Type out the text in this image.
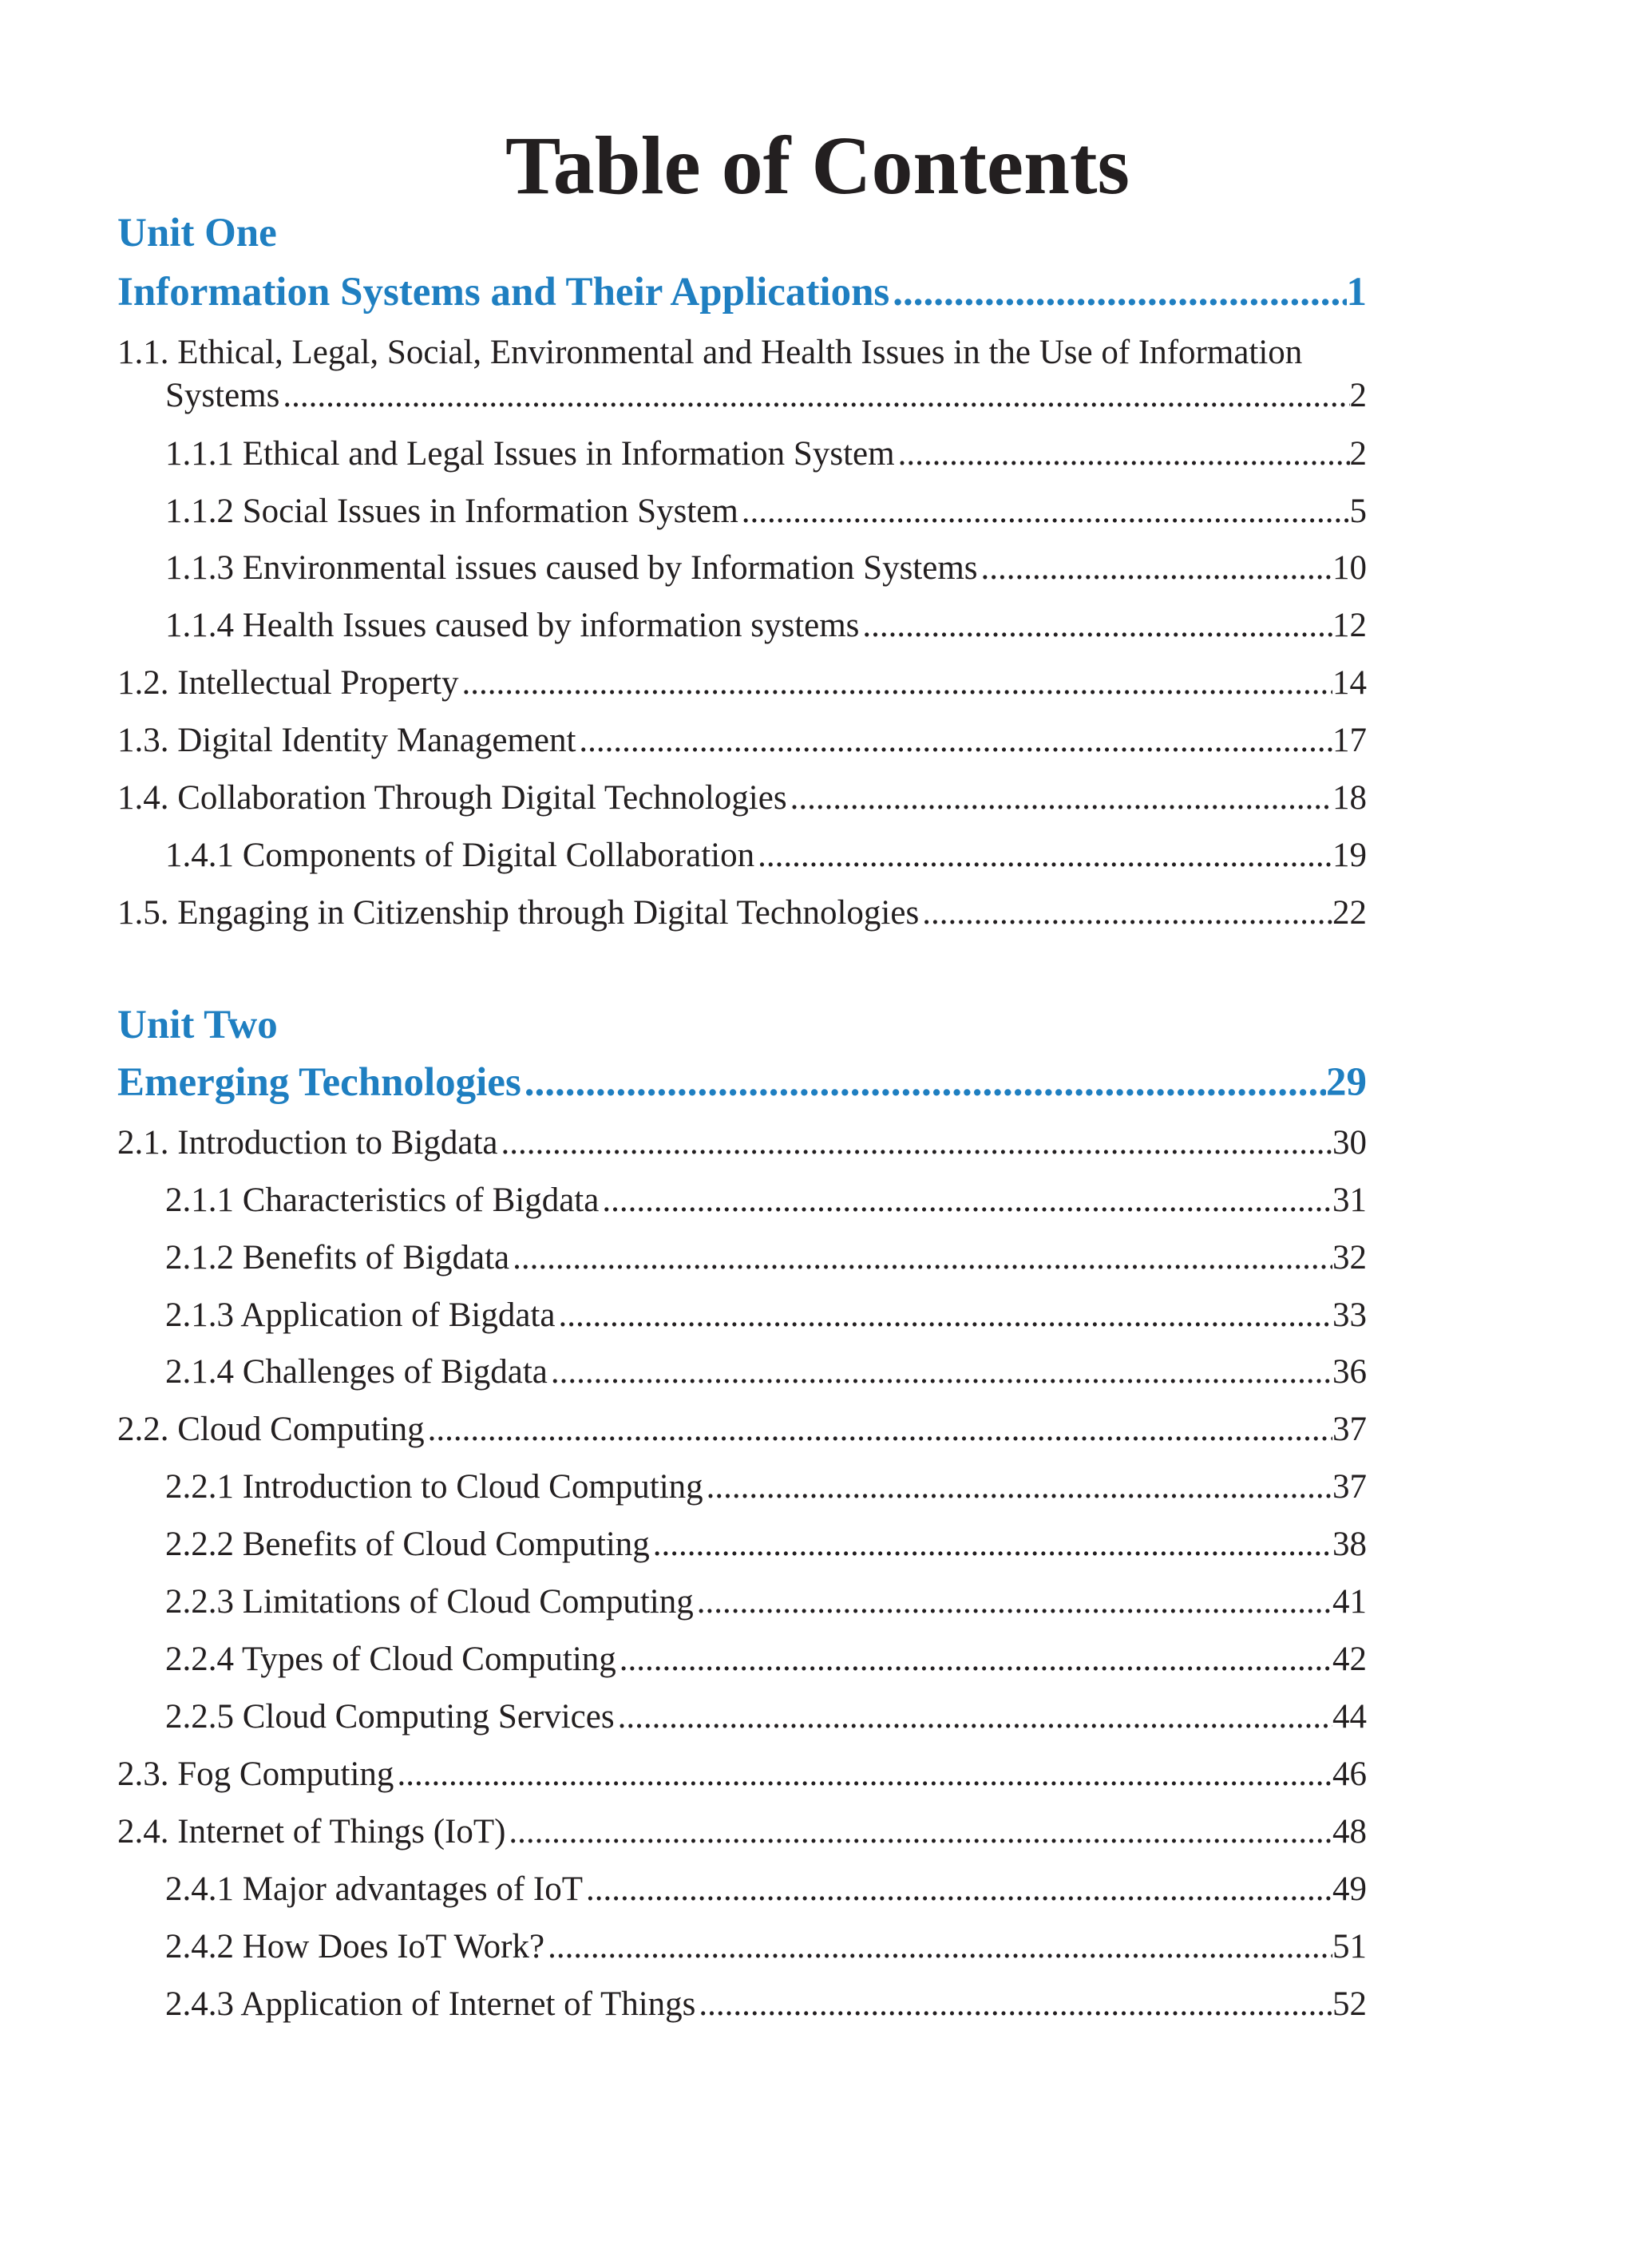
Table of Contents
Unit One
Information Systems and Their Applications .....	1
1.1. Ethical, Legal, Social, Environmental and Health Issues in the Use of Information
Systems .....	2
1.1.1 Ethical and Legal Issues in Information System .....	2
1.1.2 Social Issues in Information System .....	5
1.1.3 Environmental issues caused by Information Systems .....	10
1.1.4 Health Issues caused by information systems .....	12
1.2. Intellectual Property .....	14
1.3. Digital Identity Management .....	17
1.4. Collaboration Through Digital Technologies .....	18
1.4.1 Components of Digital Collaboration .....	19
1.5. Engaging in Citizenship through Digital Technologies .....	22
Unit Two
Emerging Technologies .....	29
2.1. Introduction to Bigdata .....	30
2.1.1 Characteristics of Bigdata .....	31
2.1.2 Benefits of Bigdata .....	32
2.1.3 Application of Bigdata .....	33
2.1.4 Challenges of Bigdata .....	36
2.2. Cloud Computing .....	37
2.2.1 Introduction to Cloud Computing .....	37
2.2.2 Benefits of Cloud Computing .....	38
2.2.3 Limitations of Cloud Computing .....	41
2.2.4 Types of Cloud Computing .....	42
2.2.5 Cloud Computing Services .....	44
2.3. Fog Computing .....	46
2.4. Internet of Things (IoT) .....	48
2.4.1 Major advantages of IoT .....	49
2.4.2 How Does IoT Work? .....	51
2.4.3 Application of Internet of Things .....	52
